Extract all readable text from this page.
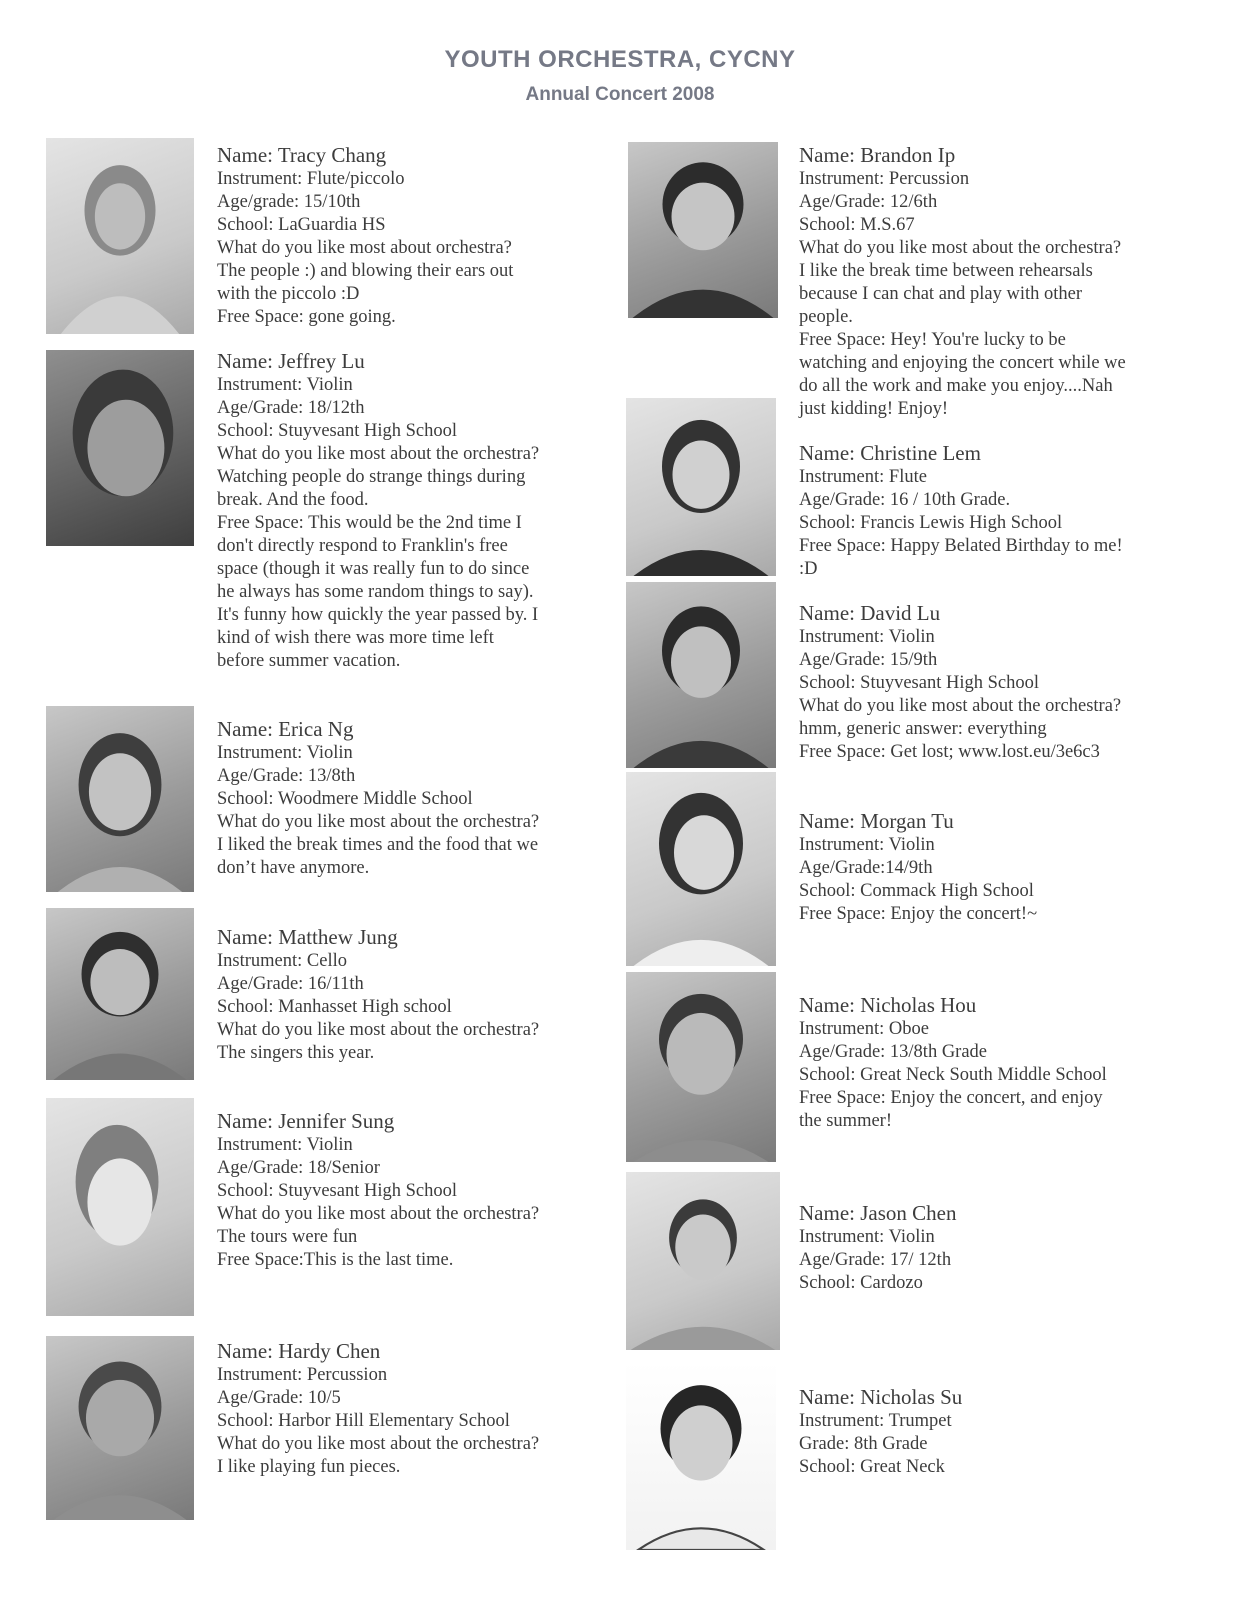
YOUTH ORCHESTRA, CYCNY
Annual Concert 2008
Name: Tracy Chang
Instrument: Flute/piccolo
Age/grade: 15/10th
School: LaGuardia HS
What do you like most about orchestra?
The people :) and blowing their ears out
with the piccolo :D
Free Space: gone going.
Name: Jeffrey Lu
Instrument: Violin
Age/Grade: 18/12th
School: Stuyvesant High School
What do you like most about the orchestra?
Watching people do strange things during
break. And the food.
Free Space: This would be the 2nd time I
don't directly respond to Franklin's free
space (though it was really fun to do since
he always has some random things to say).
It's funny how quickly the year passed by. I
kind of wish there was more time left
before summer vacation.
Name: Erica Ng
Instrument: Violin
Age/Grade: 13/8th
School: Woodmere Middle School
What do you like most about the orchestra?
I liked the break times and the food that we
don’t have anymore.
Name: Matthew Jung
Instrument: Cello
Age/Grade: 16/11th
School: Manhasset High school
What do you like most about the orchestra?
The singers this year.
Name: Jennifer Sung
Instrument: Violin
Age/Grade: 18/Senior
School: Stuyvesant High School
What do you like most about the orchestra?
The tours were fun
Free Space:This is the last time.
Name: Hardy Chen
Instrument: Percussion
Age/Grade: 10/5
School: Harbor Hill Elementary School
What do you like most about the orchestra?
I like playing fun pieces.
Name: Brandon Ip
Instrument: Percussion
Age/Grade: 12/6th
School: M.S.67
What do you like most about the orchestra?
I like the break time between rehearsals
because I can chat and play with other
people.
Free Space: Hey! You're lucky to be
watching and enjoying the concert while we
do all the work and make you enjoy....Nah
just kidding! Enjoy!
Name: Christine Lem
Instrument: Flute
Age/Grade: 16 / 10th Grade.
School: Francis Lewis High School
Free Space: Happy Belated Birthday to me!
:D
Name: David Lu
Instrument: Violin
Age/Grade: 15/9th
School: Stuyvesant High School
What do you like most about the orchestra?
hmm, generic answer: everything
Free Space: Get lost; www.lost.eu/3e6c3
Name: Morgan Tu
Instrument: Violin
Age/Grade:14/9th
School: Commack High School
Free Space: Enjoy the concert!~
Name: Nicholas Hou
Instrument: Oboe
Age/Grade: 13/8th Grade
School: Great Neck South Middle School
Free Space: Enjoy the concert, and enjoy
the summer!
Name: Jason Chen
Instrument: Violin
Age/Grade: 17/ 12th
School: Cardozo
Name: Nicholas Su
Instrument: Trumpet
Grade: 8th Grade
School: Great Neck
